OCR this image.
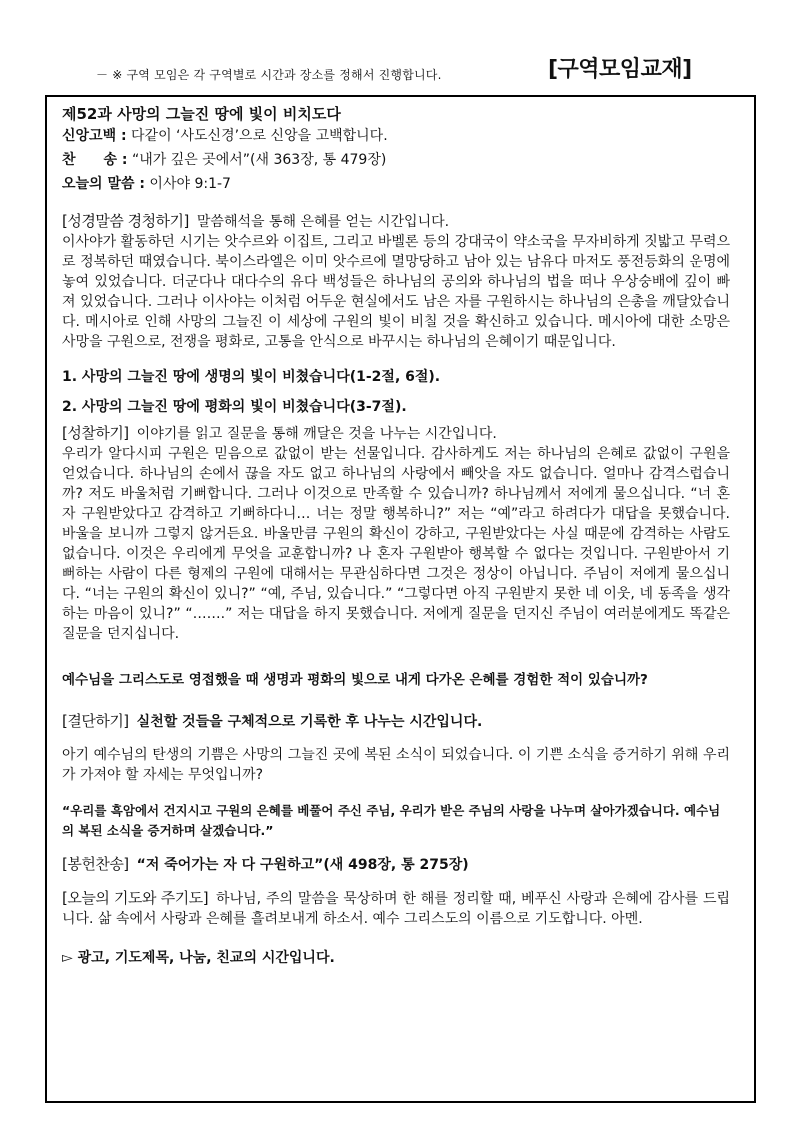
－ ※ 구역 모임은 각 구역별로 시간과 장소를 정해서 진행합니다.	[구역모임교재]
제52과 사망의 그늘진 땅에 빛이 비치도다
신앙고백 : 다같이 ‘사도신경’으로 신앙을 고백합니다.
찬　　송 : “내가 깊은 곳에서”(새 363장, 통 479장)
오늘의 말씀 : 이사야 9:1-7

[성경말씀 경청하기] 말씀해석을 통해 은혜를 얻는 시간입니다.
이사야가 활동하던 시기는 앗수르와 이집트, 그리고 바벨론 등의 강대국이 약소국을 무자비하게 짓밟고 무력으로 정복하던 때였습니다. 북이스라엘은 이미 앗수르에 멸망당하고 남아 있는 남유다 마저도 풍전등화의 운명에 놓여 있었습니다. 더군다나 대다수의 유다 백성들은 하나님의 공의와 하나님의 법을 떠나 우상숭배에 깊이 빠져 있었습니다. 그러나 이사야는 이처럼 어두운 현실에서도 남은 자를 구원하시는 하나님의 은총을 깨달았습니다. 메시아로 인해 사망의 그늘진 이 세상에 구원의 빛이 비칠 것을 확신하고 있습니다. 메시아에 대한 소망은 사망을 구원으로, 전쟁을 평화로, 고통을 안식으로 바꾸시는 하나님의 은혜이기 때문입니다.

1. 사망의 그늘진 땅에 생명의 빛이 비쳤습니다(1-2절, 6절).
2. 사망의 그늘진 땅에 평화의 빛이 비쳤습니다(3-7절).

[성찰하기] 이야기를 읽고 질문을 통해 깨달은 것을 나누는 시간입니다.
우리가 알다시피 구원은 믿음으로 값없이 받는 선물입니다. 감사하게도 저는 하나님의 은혜로 값없이 구원을 얻었습니다. 하나님의 손에서 끊을 자도 없고 하나님의 사랑에서 빼앗을 자도 없습니다. 얼마나 감격스럽습니까? 저도 바울처럼 기뻐합니다. 그러나 이것으로 만족할 수 있습니까? 하나님께서 저에게 물으십니다. “너 혼자 구원받았다고 감격하고 기뻐하다니… 너는 정말 행복하니?” 저는 “예”라고 하려다가 대답을 못했습니다. 바울을 보니까 그렇지 않거든요. 바울만큼 구원의 확신이 강하고, 구원받았다는 사실 때문에 감격하는 사람도 없습니다. 이것은 우리에게 무엇을 교훈합니까? 나 혼자 구원받아 행복할 수 없다는 것입니다. 구원받아서 기뻐하는 사람이 다른 형제의 구원에 대해서는 무관심하다면 그것은 정상이 아닙니다. 주님이 저에게 물으십니다. “너는 구원의 확신이 있니?” “예, 주님, 있습니다.” “그렇다면 아직 구원받지 못한 네 이웃, 네 동족을 생각하는 마음이 있니?” “…….” 저는 대답을 하지 못했습니다. 저에게 질문을 던지신 주님이 여러분에게도 똑같은 질문을 던지십니다.

예수님을 그리스도로 영접했을 때 생명과 평화의 빛으로 내게 다가온 은혜를 경험한 적이 있습니까?

[결단하기] 실천할 것들을 구체적으로 기록한 후 나누는 시간입니다.

아기 예수님의 탄생의 기쁨은 사망의 그늘진 곳에 복된 소식이 되었습니다. 이 기쁜 소식을 증거하기 위해 우리가 가져야 할 자세는 무엇입니까?

“우리를 흑암에서 건지시고 구원의 은혜를 베풀어 주신 주님, 우리가 받은 주님의 사랑을 나누며 살아가겠습니다. 예수님의 복된 소식을 증거하며 살겠습니다.”

[봉헌찬송] “저 죽어가는 자 다 구원하고”(새 498장, 통 275장)

[오늘의 기도와 주기도] 하나님, 주의 말씀을 묵상하며 한 해를 정리할 때, 베푸신 사랑과 은혜에 감사를 드립니다. 삶 속에서 사랑과 은혜를 흘려보내게 하소서. 예수 그리스도의 이름으로 기도합니다. 아멘.

▻ 광고, 기도제목, 나눔, 친교의 시간입니다.
